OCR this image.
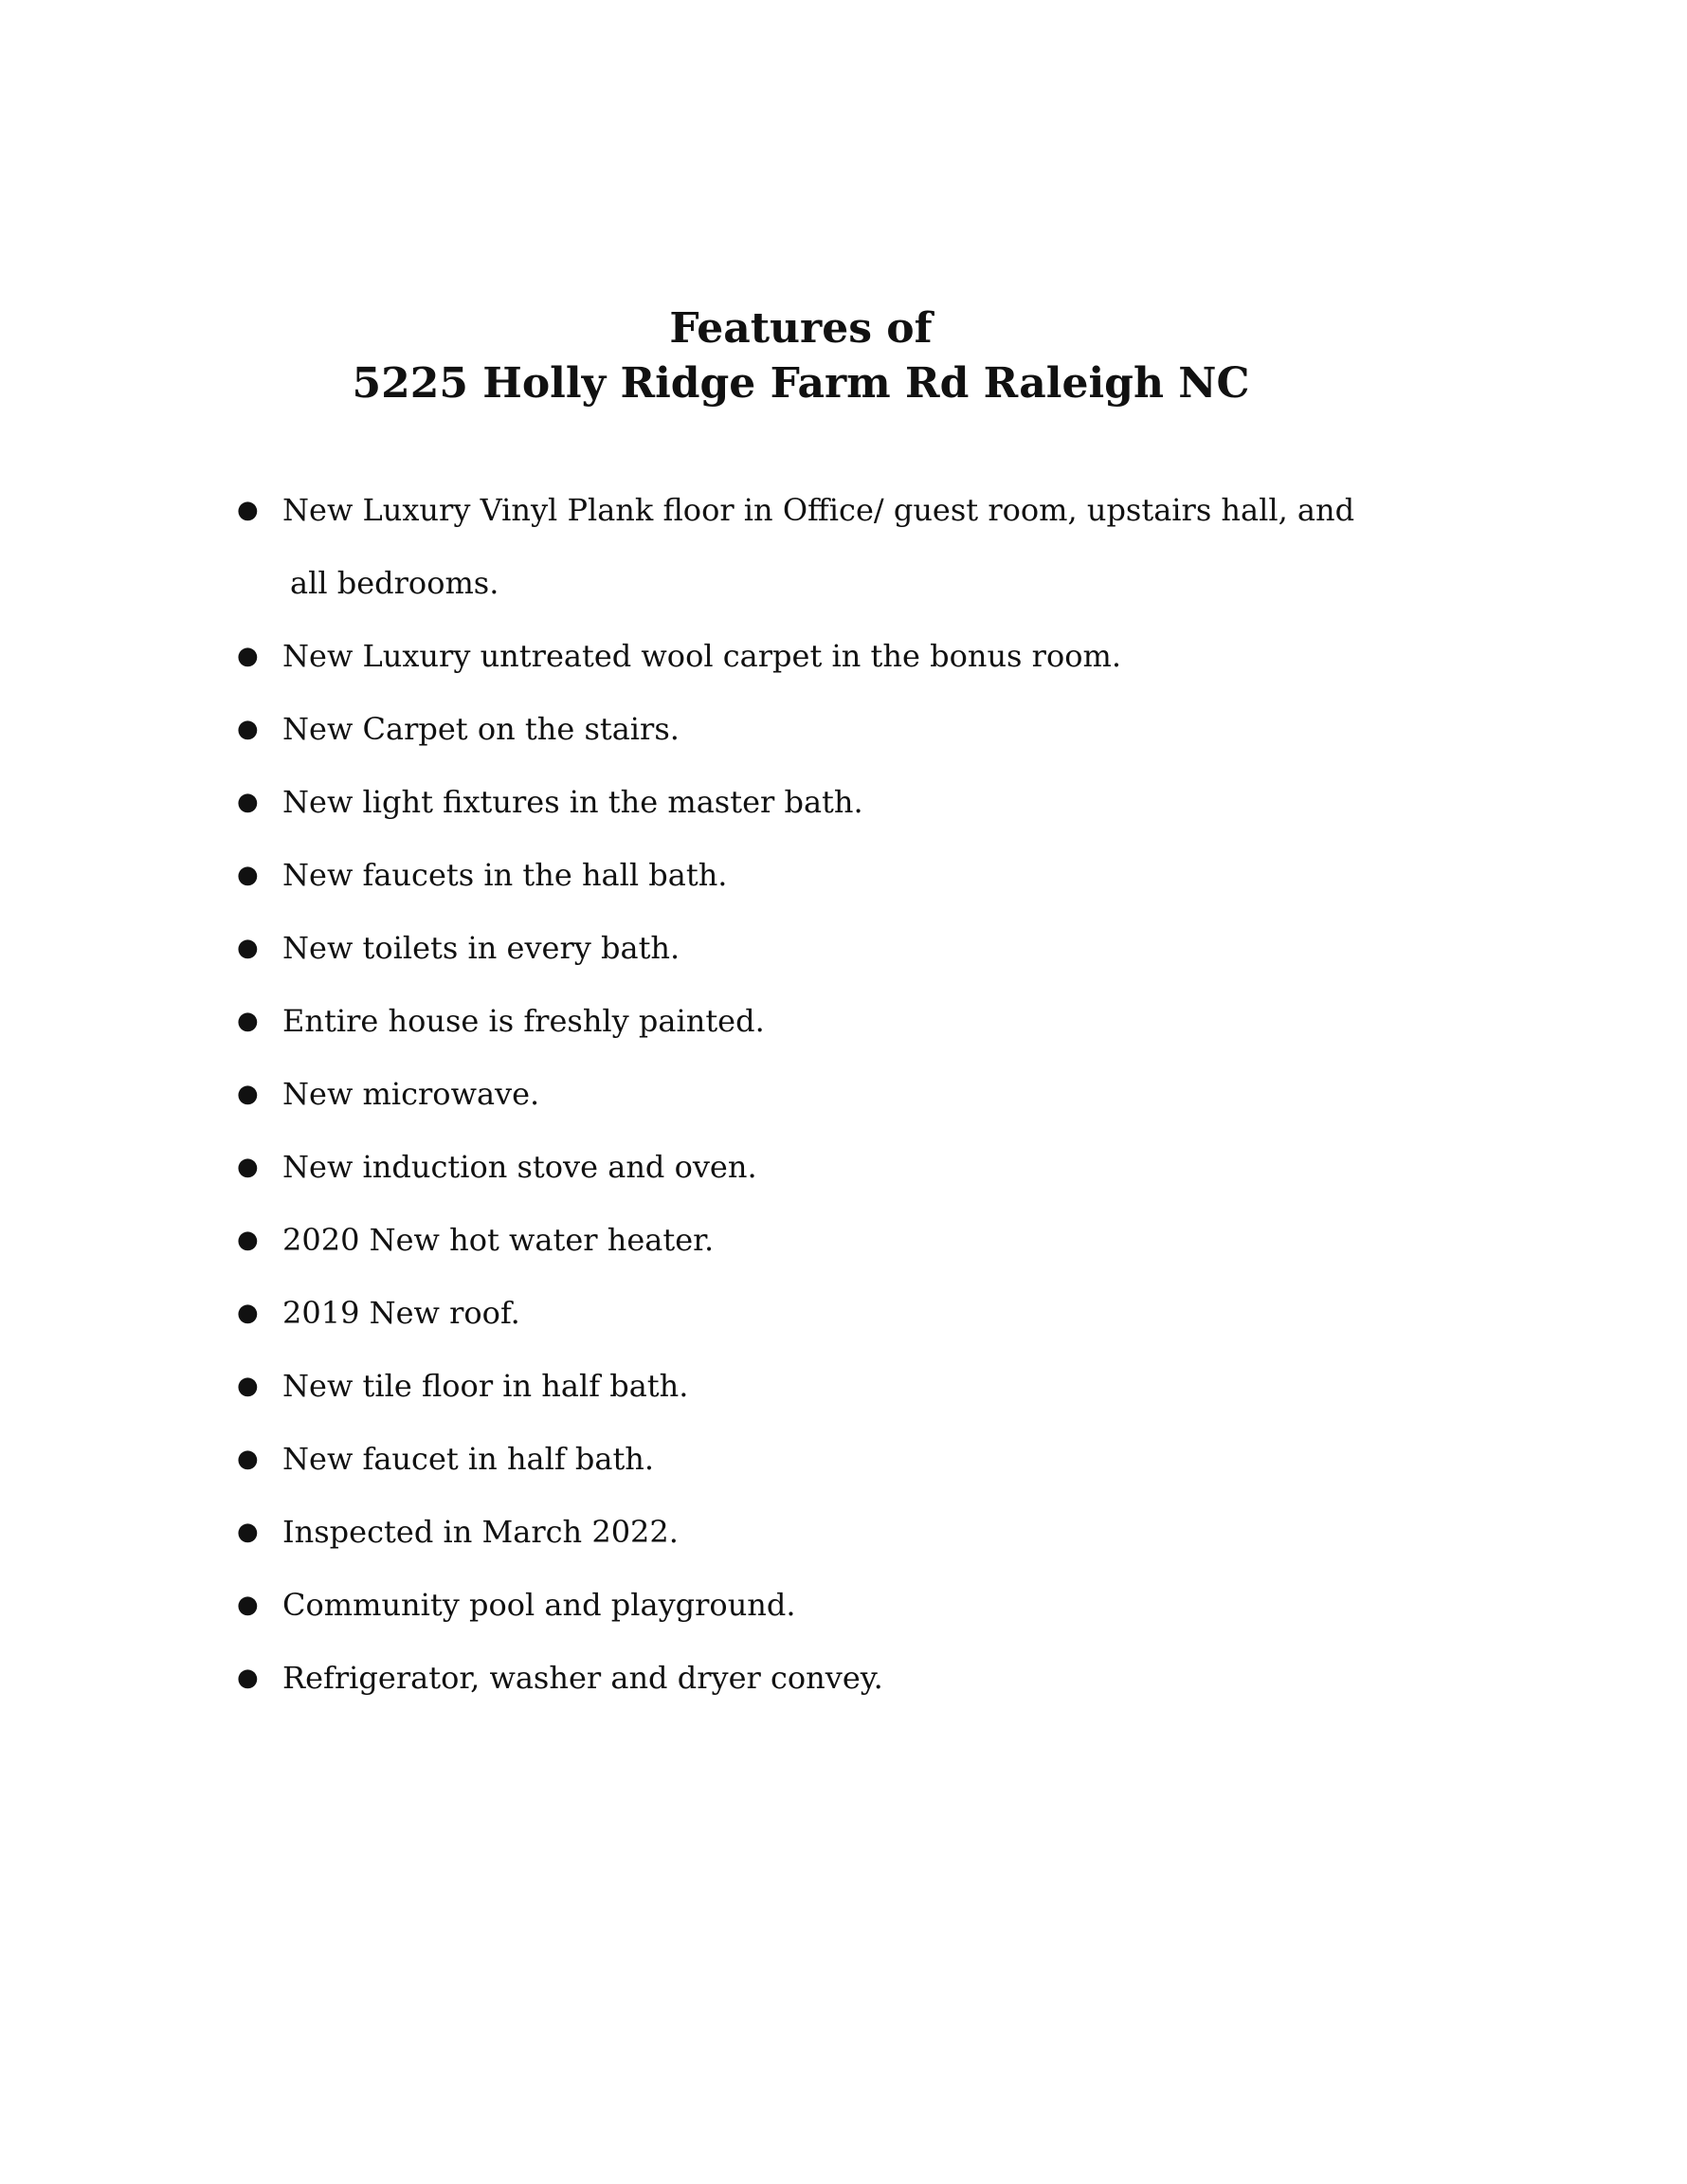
Features of
5225 Holly Ridge Farm Rd Raleigh NC
● New Luxury Vinyl Plank floor in Office/ guest room, upstairs hall, and
all bedrooms.
● New Luxury untreated wool carpet in the bonus room.
● New Carpet on the stairs.
● New light fixtures in the master bath.
● New faucets in the hall bath.
● New toilets in every bath.
● Entire house is freshly painted.
● New microwave.
● New induction stove and oven.
● 2020 New hot water heater.
● 2019 New roof.
● New tile floor in half bath.
● New faucet in half bath.
● Inspected in March 2022.
● Community pool and playground.
● Refrigerator, washer and dryer convey.
